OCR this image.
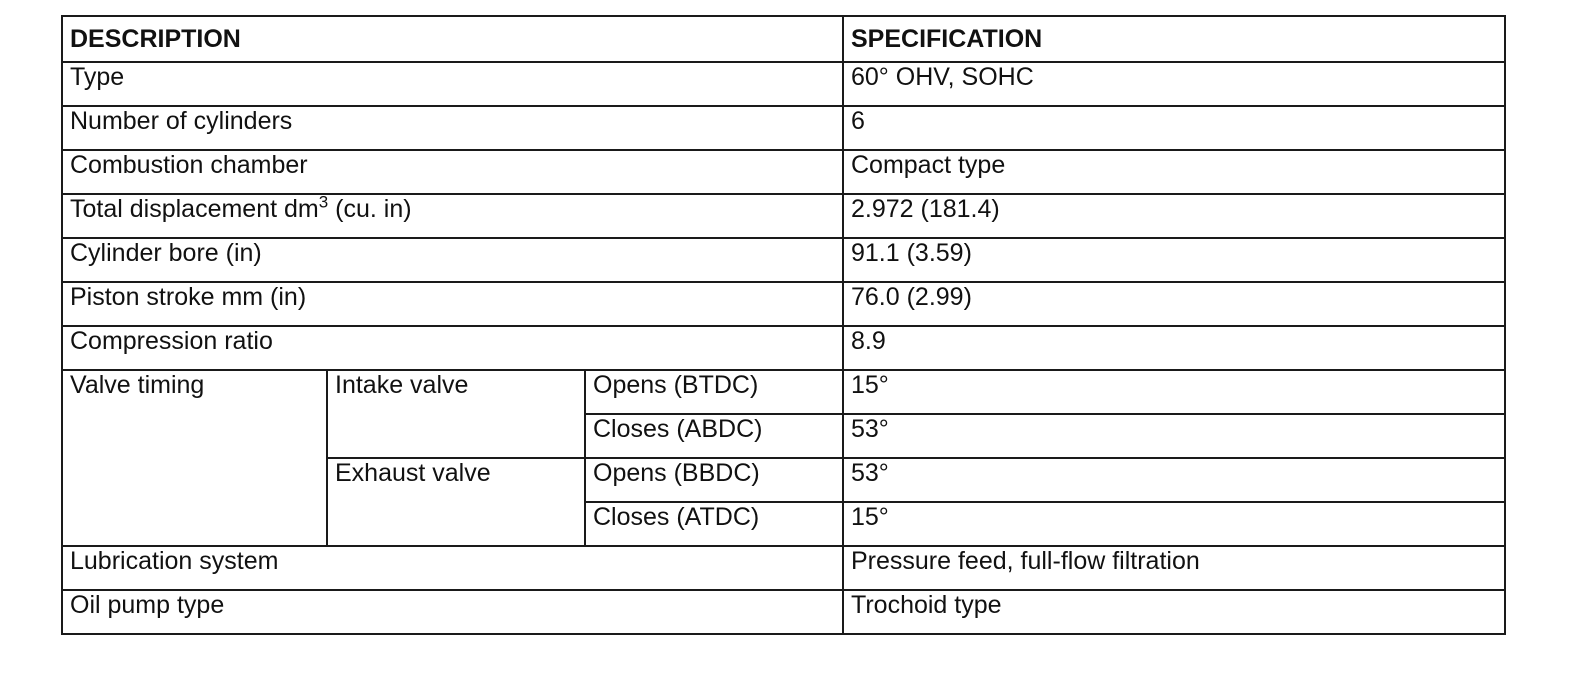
DESCRIPTION			SPECIFICATION
Type			60° OHV, SOHC
Number of cylinders			6
Combustion chamber			Compact type
Total displacement $dm^3$ (cu. in)			2.972 (181.4)
Cylinder bore (in)			91.1 (3.59)
Piston stroke mm (in)			76.0 (2.99)
Compression ratio			8.9
Valve timing	Intake valve	Opens (BTDC)	15°
		Closes (ABDC)	53°
	Exhaust valve	Opens (BBDC)	53°
		Closes (ATDC)	15°
Lubrication system			Pressure feed, full-flow filtration
Oil pump type			Trochoid type
